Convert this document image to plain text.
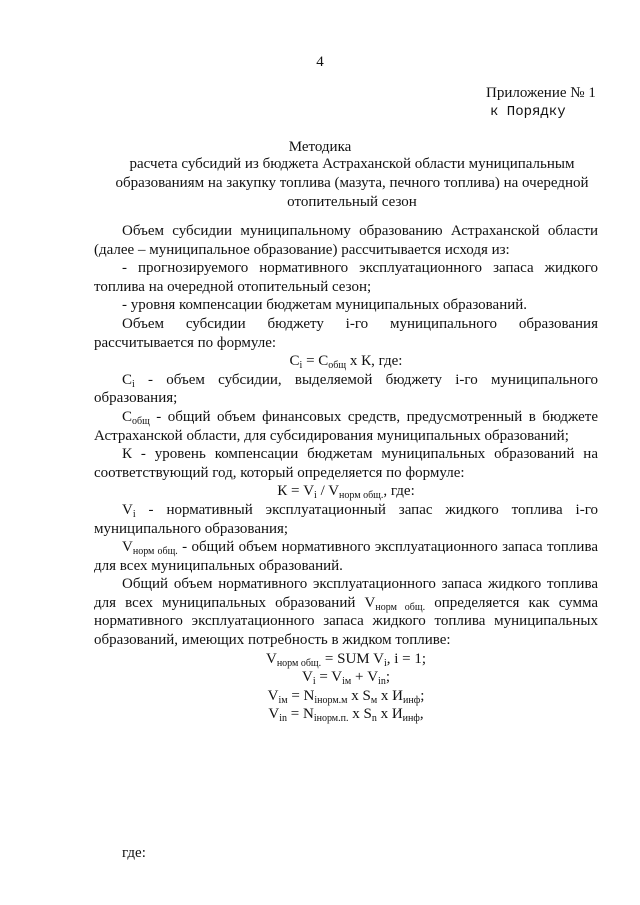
4
Приложение № 1
к Порядку
Методика
расчета субсидий из бюджета Астраханской области муниципальным образованиям на закупку топлива (мазута, печного топлива) на очередной отопительный сезон

Объем субсидии муниципальному образованию Астраханской области (далее – муниципальное образование) рассчитывается исходя из:

- прогнозируемого нормативного эксплуатационного запаса жидкого топлива на очередной отопительный сезон;

- уровня компенсации бюджетам муниципальных образований.

Объем субсидии бюджету i-го муниципального образования рассчитывается по формуле:

$C_i = С_{общ}$ x К, где:

$C_i$ - объем субсидии, выделяемой бюджету i-го муниципального образования;

$C_{общ}$ - общий объем финансовых средств, предусмотренный в бюджете Астраханской области, для субсидирования муниципальных образований;

К - уровень компенсации бюджетам муниципальных образований на соответствующий год, который определяется по формуле:

$К = V_i / V_{норм общ.}$, где:

$V_i$ - нормативный эксплуатационный запас жидкого топлива i-го муниципального образования;

$V_{норм общ.}$ - общий объем нормативного эксплуатационного запаса топлива для всех муниципальных образований.

Общий объем нормативного эксплуатационного запаса жидкого топлива для всех муниципальных образований $V_{норм общ.}$ определяется как сумма нормативного эксплуатационного запаса жидкого топлива муниципальных образований, имеющих потребность в жидком топливе:

$V_{норм общ.}$ = SUM $V_i$, i = 1;

$V_i = V_{iм} + V_{in}$;

$V_{iм} = N_{iнорм.м}$ x $S_м$ x $И_{инф}$;

$V_{in} = N_{iнорм.п.}$ x $S_n$ x $И_{инф}$,

где:
